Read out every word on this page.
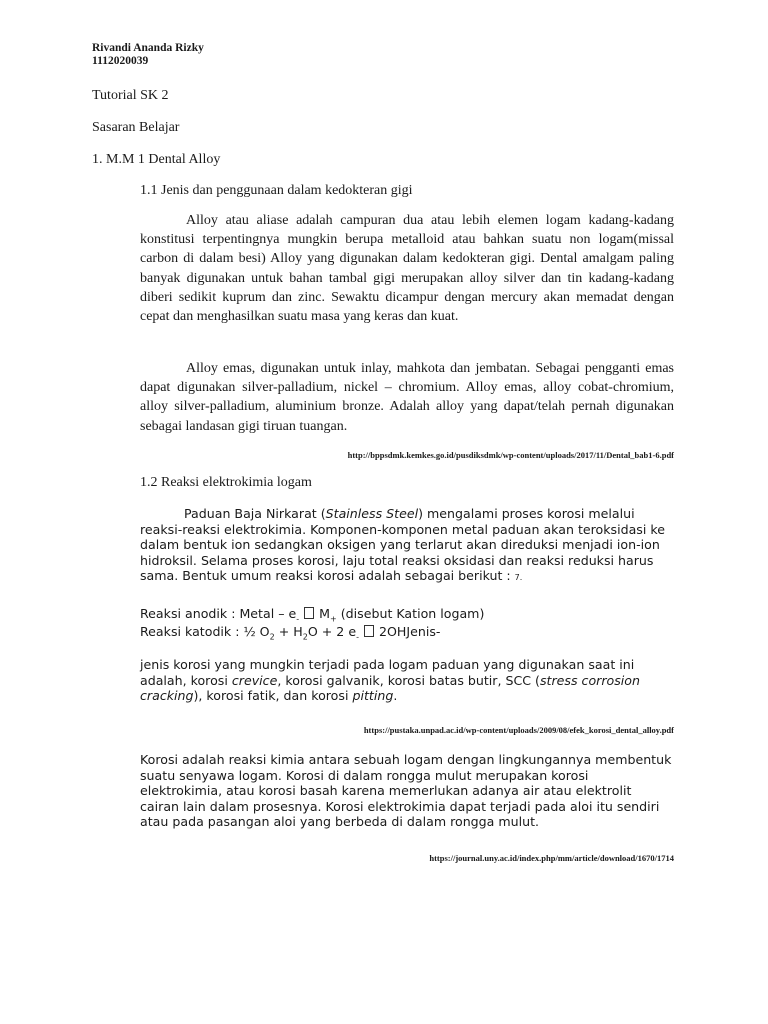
Rivandi Ananda Rizky
1112020039
Tutorial SK 2
Sasaran Belajar
1. M.M 1 Dental Alloy
1.1 Jenis dan penggunaan dalam kedokteran gigi

Alloy atau aliase adalah campuran dua atau lebih elemen logam kadang-kadang konstitusi terpentingnya mungkin berupa metalloid atau bahkan suatu non logam(missal carbon di dalam besi) Alloy yang digunakan dalam kedokteran gigi. Dental amalgam paling banyak digunakan untuk bahan tambal gigi merupakan alloy silver dan tin kadang-kadang diberi sedikit kuprum dan zinc. Sewaktu dicampur dengan mercury akan memadat dengan cepat dan menghasilkan suatu masa yang keras dan kuat.

Alloy emas, digunakan untuk inlay, mahkota dan jembatan. Sebagai pengganti emas dapat digunakan silver-palladium, nickel – chromium. Alloy emas, alloy cobat-chromium, alloy silver-palladium, aluminium bronze. Adalah alloy yang dapat/telah pernah digunakan sebagai landasan gigi tiruan tuangan.

http://bppsdmk.kemkes.go.id/pusdiksdmk/wp-content/uploads/2017/11/Dental_bab1-6.pdf
1.2 Reaksi elektrokimia logam

Paduan Baja Nirkarat (Stainless Steel) mengalami proses korosi melalui reaksi-reaksi elektrokimia. Komponen-komponen metal paduan akan teroksidasi ke dalam bentuk ion sedangkan oksigen yang terlarut akan direduksi menjadi ion-ion hidroksil. Selama proses korosi, laju total reaksi oksidasi dan reaksi reduksi harus sama. Bentuk umum reaksi korosi adalah sebagai berikut : 7.

Reaksi anodik : Metal – $e_-$  $M_+$ (disebut Kation logam)
Reaksi katodik : ½ $O_2 + H_2O + 2$ $e_-$  2OHJenis-

jenis korosi yang mungkin terjadi pada logam paduan yang digunakan saat ini adalah, korosi crevice, korosi galvanik, korosi batas butir, SCC (stress corrosion cracking), korosi fatik, dan korosi pitting.

https://pustaka.unpad.ac.id/wp-content/uploads/2009/08/efek_korosi_dental_alloy.pdf

Korosi adalah reaksi kimia antara sebuah logam dengan lingkungannya membentuk suatu senyawa logam. Korosi di dalam rongga mulut merupakan korosi elektrokimia, atau korosi basah karena memerlukan adanya air atau elektrolit cairan lain dalam prosesnya. Korosi elektrokimia dapat terjadi pada aloi itu sendiri atau pada pasangan aloi yang berbeda di dalam rongga mulut.

https://journal.uny.ac.id/index.php/mm/article/download/1670/1714
